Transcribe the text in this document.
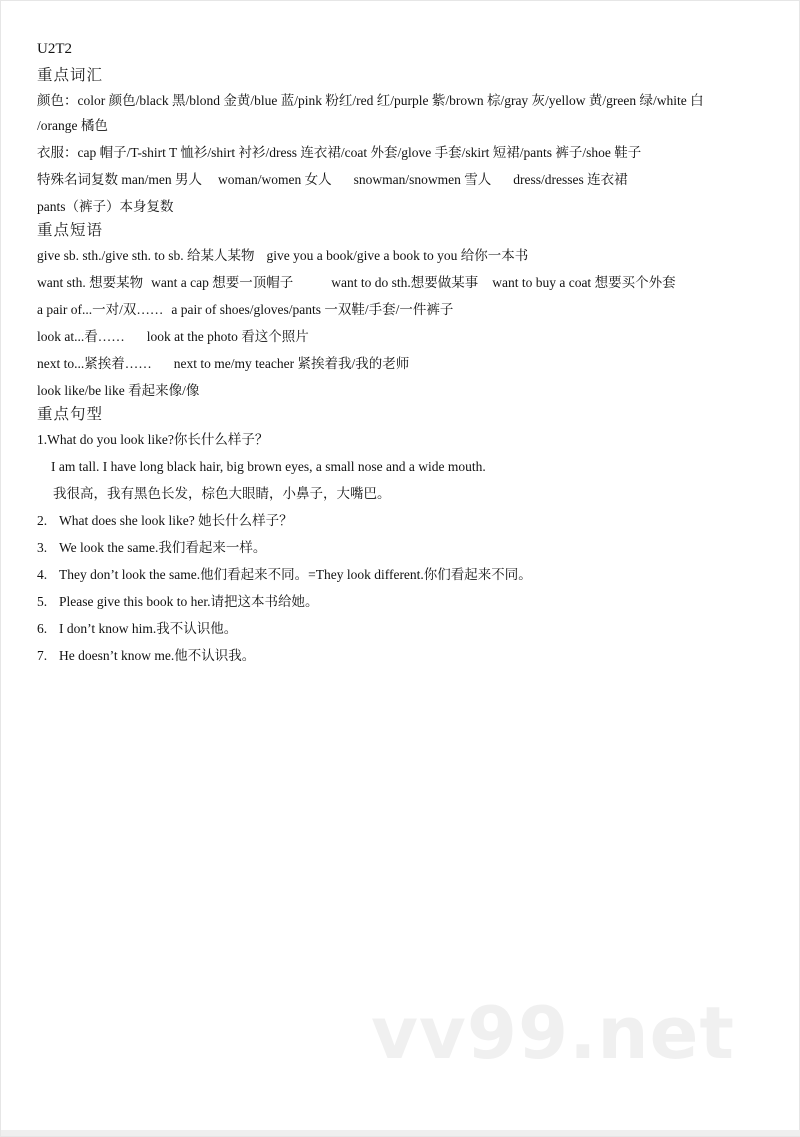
U2T2

重点词汇

颜色：color 颜色/black 黑/blond 金黄/blue 蓝/pink 粉红/red 红/purple 紫/brown 棕/gray 灰/yellow 黄/green 绿/white 白

/orange 橘色

衣服：cap 帽子/T-shirt T 恤衫/shirt 衬衫/dress 连衣裙/coat 外套/glove 手套/skirt 短裙/pants 裤子/shoe 鞋子

特殊名词复数 man/men 男人 woman/women 女人 snowman/snowmen 雪人 dress/dresses 连衣裙

pants（裤子）本身复数

重点短语

give sb. sth./give sth. to sb. 给某人某物 give you a book/give a book to you 给你一本书

want sth. 想要某物 want a cap 想要一顶帽子	want to do sth.想要做某事 want to buy a coat 想要买个外套

a pair of...一对/双…… a pair of shoes/gloves/pants 一双鞋/手套/一件裤子

look at...看…… look at the photo 看这个照片

next to...紧挨着…… next to me/my teacher 紧挨着我/我的老师

look like/be like 看起来像/像

重点句型

1.What do you look like?你长什么样子？

I am tall. I have long black hair, big brown eyes, a small nose and a wide mouth.

我很高，我有黑色长发，棕色大眼睛，小鼻子，大嘴巴。

2. What does she look like? 她长什么样子？

3. We look the same.我们看起来一样。

4. They don’t look the same.他们看起来不同。=They look different.你们看起来不同。

5. Please give this book to her.请把这本书给她。

6. I don’t know him.我不认识他。

7. He doesn’t know me.他不认识我。

vv99.net
